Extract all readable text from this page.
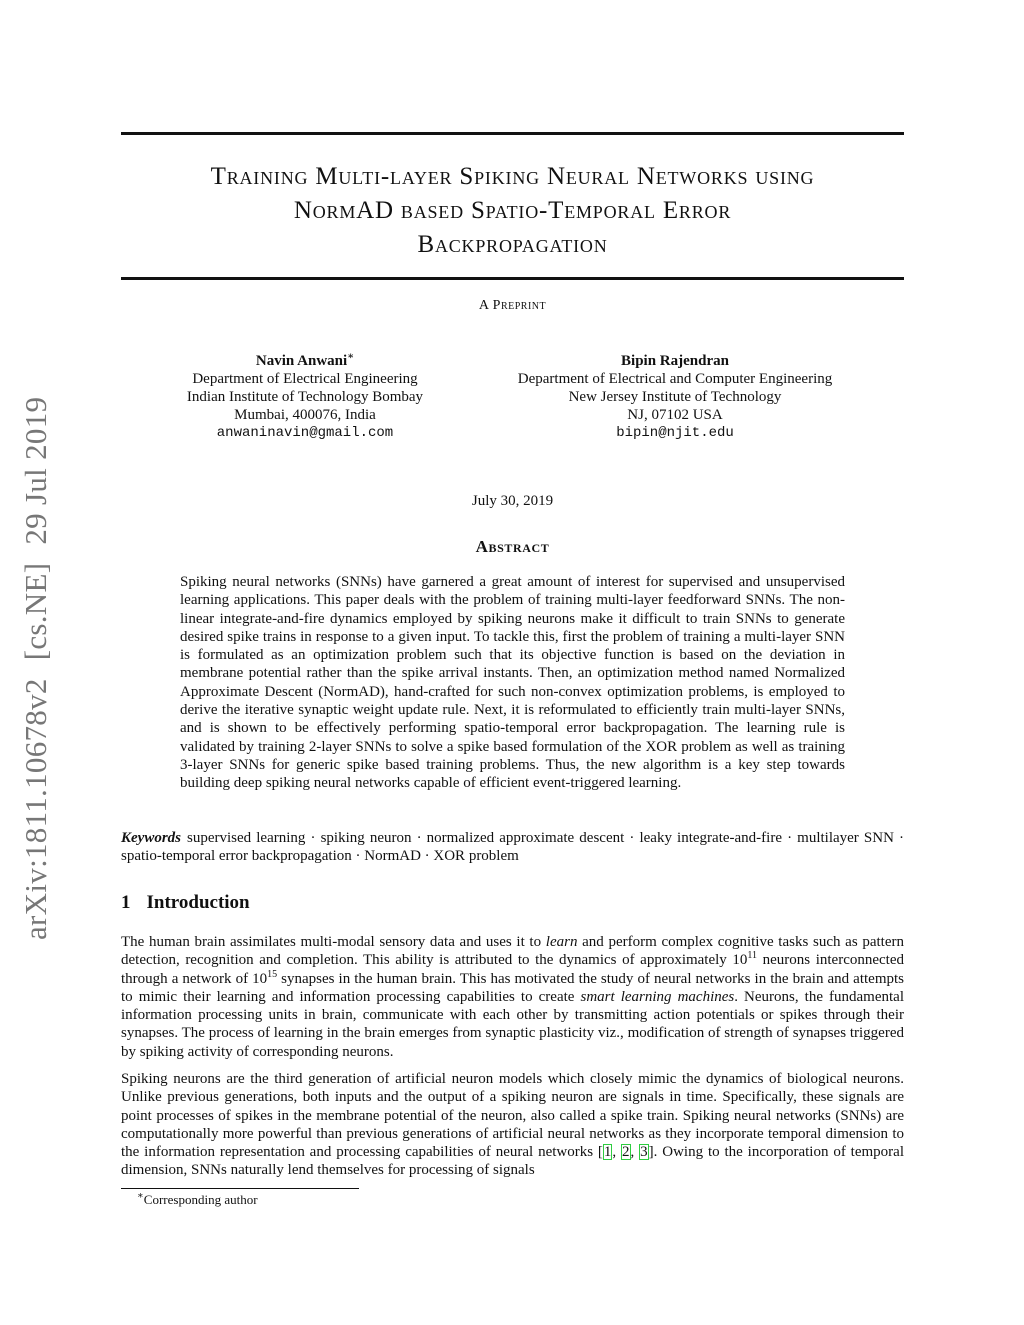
arXiv:1811.10678v2[cs.NE]29 Jul 2019
Training Multi-layer Spiking Neural Networks using
NormAD based Spatio-Temporal Error
Backpropagation
A Preprint
Navin Anwani∗
Department of Electrical Engineering
Indian Institute of Technology Bombay
Mumbai, 400076, India
anwaninavin@gmail.com
Bipin Rajendran
Department of Electrical and Computer Engineering
New Jersey Institute of Technology
NJ, 07102 USA
bipin@njit.edu
July 30, 2019
Abstract
Spiking neural networks (SNNs) have garnered a great amount of interest for supervised and unsupervised learning applications. This paper deals with the problem of training multi-layer feedforward SNNs. The non-linear integrate-and-fire dynamics employed by spiking neurons make it difficult to train SNNs to generate desired spike trains in response to a given input. To tackle this, first the problem of training a multi-layer SNN is formulated as an optimization problem such that its objective function is based on the deviation in membrane potential rather than the spike arrival instants. Then, an optimization method named Normalized Approximate Descent (NormAD), hand-crafted for such non-convex optimization problems, is employed to derive the iterative synaptic weight update rule. Next, it is reformulated to efficiently train multi-layer SNNs, and is shown to be effectively performing spatio-temporal error backpropagation. The learning rule is validated by training 2-layer SNNs to solve a spike based formulation of the XOR problem as well as training 3-layer SNNs for generic spike based training problems. Thus, the new algorithm is a key step towards building deep spiking neural networks capable of efficient event-triggered learning.
Keywords supervised learning · spiking neuron · normalized approximate descent · leaky integrate-and-fire · multilayer SNN · spatio-temporal error backpropagation · NormAD · XOR problem
1 Introduction
The human brain assimilates multi-modal sensory data and uses it to learn and perform complex cognitive tasks such as pattern detection, recognition and completion. This ability is attributed to the dynamics of approximately $10^{11}$ neurons interconnected through a network of $10^{15}$ synapses in the human brain. This has motivated the study of neural networks in the brain and attempts to mimic their learning and information processing capabilities to create smart learning machines. Neurons, the fundamental information processing units in brain, communicate with each other by transmitting action potentials or spikes through their synapses. The process of learning in the brain emerges from synaptic plasticity viz., modification of strength of synapses triggered by spiking activity of corresponding neurons.
Spiking neurons are the third generation of artificial neuron models which closely mimic the dynamics of biological neurons. Unlike previous generations, both inputs and the output of a spiking neuron are signals in time. Specifically, these signals are point processes of spikes in the membrane potential of the neuron, also called a spike train. Spiking neural networks (SNNs) are computationally more powerful than previous generations of artificial neural networks as they incorporate temporal dimension to the information representation and processing capabilities of neural networks [1, 2, 3]. Owing to the incorporation of temporal dimension, SNNs naturally lend themselves for processing of signals
∗Corresponding author
